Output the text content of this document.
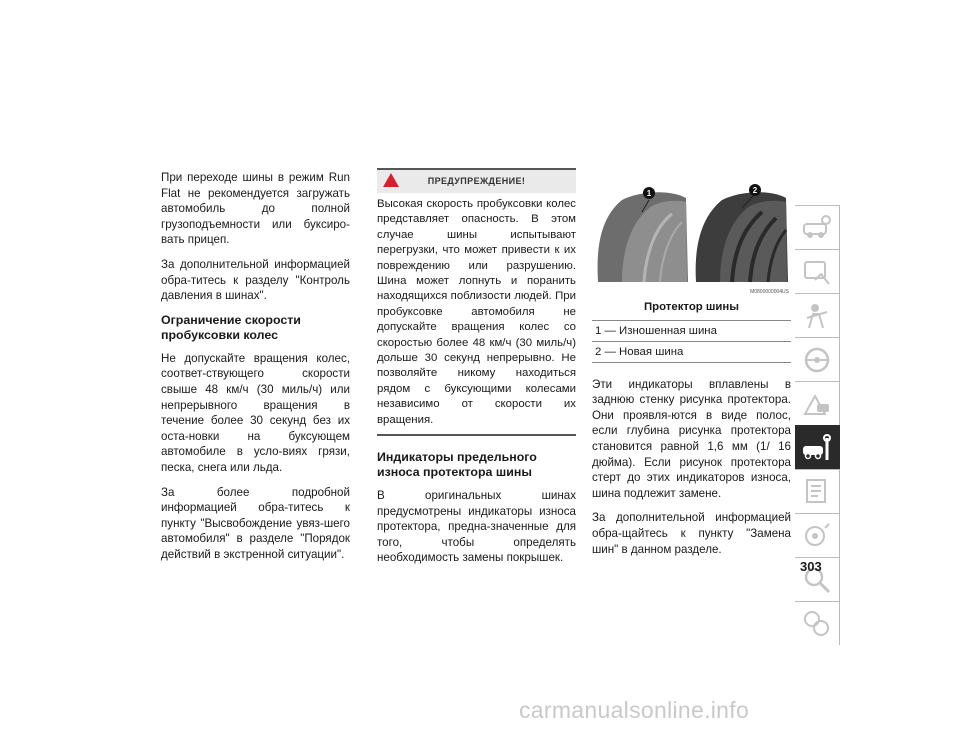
При переходе шины в режим Run Flat не рекомендуется загружать автомобиль до полной грузоподъемности или буксиро-вать прицеп.

За дополнительной информацией обра-титесь к разделу "Контроль давления в шинах".

Ограничение скорости пробуксовки колес

Не допускайте вращения колес, соответ-ствующего скорости свыше 48 км/ч (30 миль/ч) или непрерывного вращения в течение более 30 секунд без их оста-новки на буксующем автомобиле в усло-виях грязи, песка, снега или льда.

За более подробной информацией обра-титесь к пункту "Высвобождение увяз-шего автомобиля" в разделе "Порядок действий в экстренной ситуации".

ПРЕДУПРЕЖДЕНИЕ!
Высокая скорость пробуксовки колес представляет опасность. В этом случае шины испытывают перегрузки, что может привести к их повреждению или разрушению. Шина может лопнуть и поранить находящихся поблизости людей. При пробуксовке автомобиля не допускайте вращения колес со скоростью более 48 км/ч (30 миль/ч) дольше 30 секунд непрерывно. Не позволяйте никому находиться рядом с буксующими колесами независимо от скорости их вращения.
Индикаторы предельного износа протектора шины

В оригинальных шинах предусмотрены индикаторы износа протектора, предна-значенные для того, чтобы определять необходимость замены покрышек.

1	2
M0800000004US
Протектор шины
1 — Изношенная шина
2 — Новая шина

Эти индикаторы вплавлены в заднюю стенку рисунка протектора. Они проявля-ются в виде полос, если глубина рисунка протектора становится равной 1,6 мм (1/ 16 дюйма). Если рисунок протектора стерт до этих индикаторов износа, шина подлежит замене.

За дополнительной информацией обра-щайтесь к пункту "Замена шин" в данном разделе.

303
carmanualsonline.info
